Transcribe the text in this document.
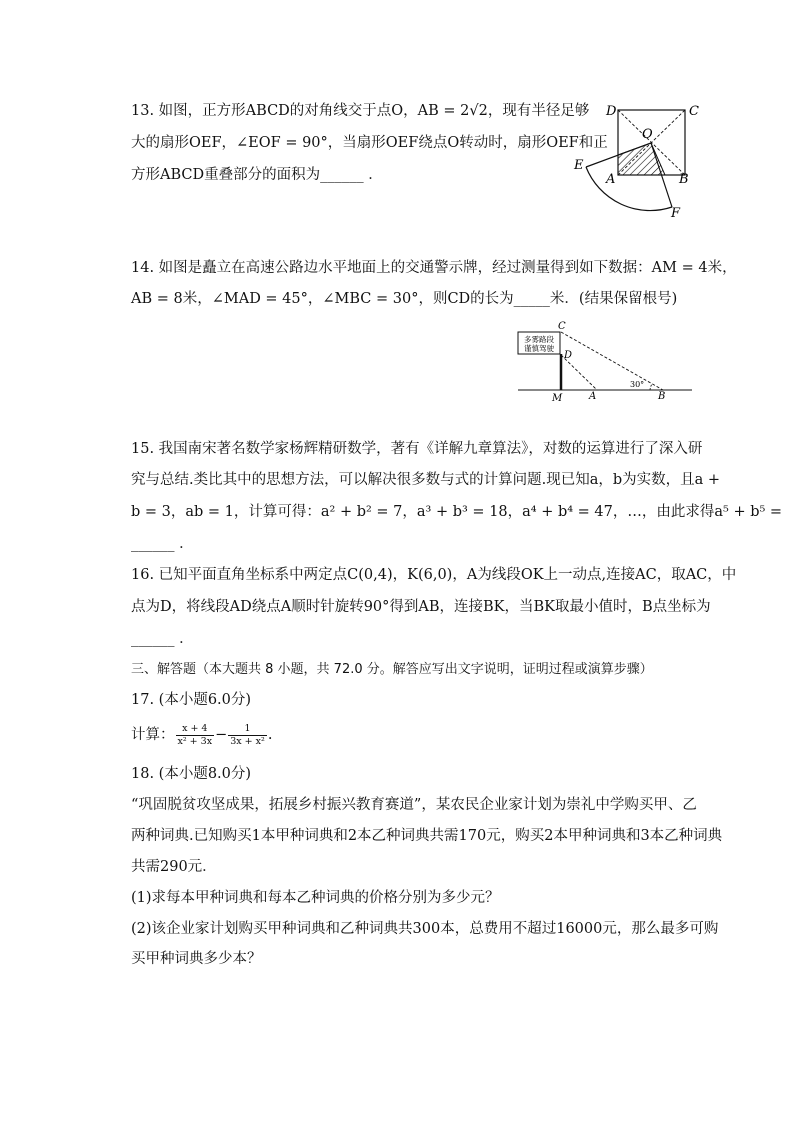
13. 如图，正方形ABCD的对角线交于点O，AB = 2√2，现有半径足够
大的扇形OEF，∠EOF = 90°，当扇形OEF绕点O转动时，扇形OEF和正
方形ABCD重叠部分的面积为______ ．
D	C
O
E
A	B
F
14. 如图是矗立在高速公路边水平地面上的交通警示牌，经过测量得到如下数据：AM = 4米，
AB = 8米，∠MAD = 45°，∠MBC = 30°，则CD的长为_____米．(结果保留根号)
多雾路段
谨慎驾驶
C
D
30°
M	A	B
15. 我国南宋著名数学家杨辉精研数学，著有《详解九章算法》，对数的运算进行了深入研
究与总结.类比其中的思想方法，可以解决很多数与式的计算问题.现已知a，b为实数，且a +
b = 3，ab = 1，计算可得：a² + b² = 7，a³ + b³ = 18，a⁴ + b⁴ = 47，…，由此求得a⁵ + b⁵ =
______ ．
16. 已知平面直角坐标系中两定点C(0,4)，K(6,0)，A为线段OK上一动点,连接AC，取AC，中
点为D，将线段AD绕点A顺时针旋转90°得到AB，连接BK，当BK取最小值时，B点坐标为
______ ．
三、解答题（本大题共 8 小题，共 72.0 分。解答应写出文字说明，证明过程或演算步骤）
17. (本小题6.0分)
计算： $\frac{x + 4}{\text{x² + 3x}} - \frac{1}{\text{3x + x²}}$ .
18. (本小题8.0分)
“巩固脱贫攻坚成果，拓展乡村振兴教育赛道”，某农民企业家计划为崇礼中学购买甲、乙
两种词典.已知购买1本甲种词典和2本乙种词典共需170元，购买2本甲种词典和3本乙种词典
共需290元．
(1)求每本甲种词典和每本乙种词典的价格分别为多少元？
(2)该企业家计划购买甲种词典和乙种词典共300本，总费用不超过16000元，那么最多可购
买甲种词典多少本？
